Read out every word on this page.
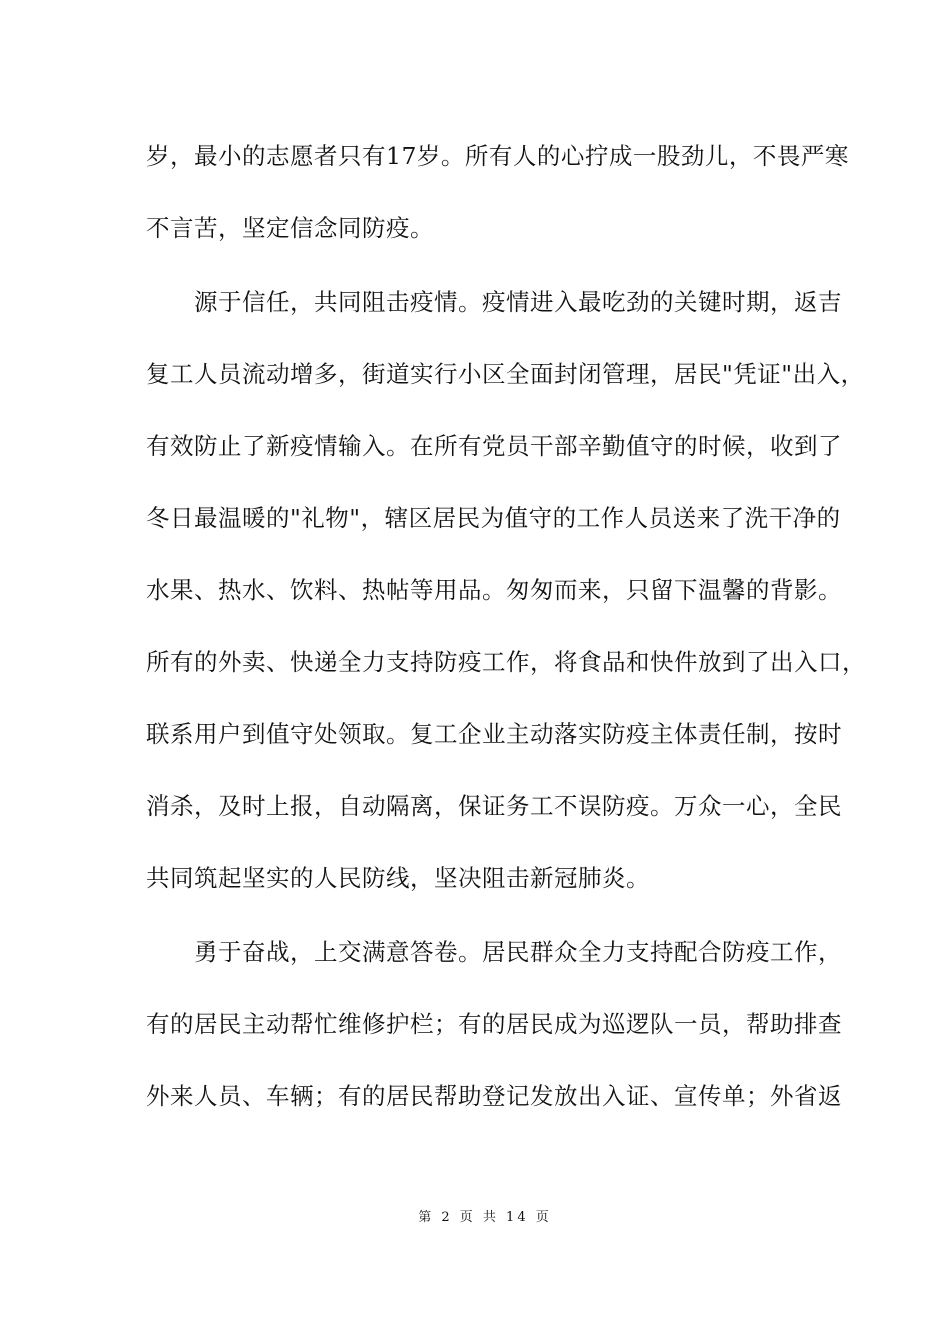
岁，最小的志愿者只有17岁。所有人的心拧成一股劲儿，不畏严寒
不言苦，坚定信念同防疫。
　　源于信任，共同阻击疫情。疫情进入最吃劲的关键时期，返吉
复工人员流动增多，街道实行小区全面封闭管理，居民"凭证"出入，
有效防止了新疫情输入。在所有党员干部辛勤值守的时候，收到了
冬日最温暖的"礼物"，辖区居民为值守的工作人员送来了洗干净的
水果、热水、饮料、热帖等用品。匆匆而来，只留下温馨的背影。
所有的外卖、快递全力支持防疫工作，将食品和快件放到了出入口，
联系用户到值守处领取。复工企业主动落实防疫主体责任制，按时
消杀，及时上报，自动隔离，保证务工不误防疫。万众一心，全民
共同筑起坚实的人民防线，坚决阻击新冠肺炎。
　　勇于奋战，上交满意答卷。居民群众全力支持配合防疫工作，
有的居民主动帮忙维修护栏；有的居民成为巡逻队一员，帮助排查
外来人员、车辆；有的居民帮助登记发放出入证、宣传单；外省返
第 2 页 共 14 页
